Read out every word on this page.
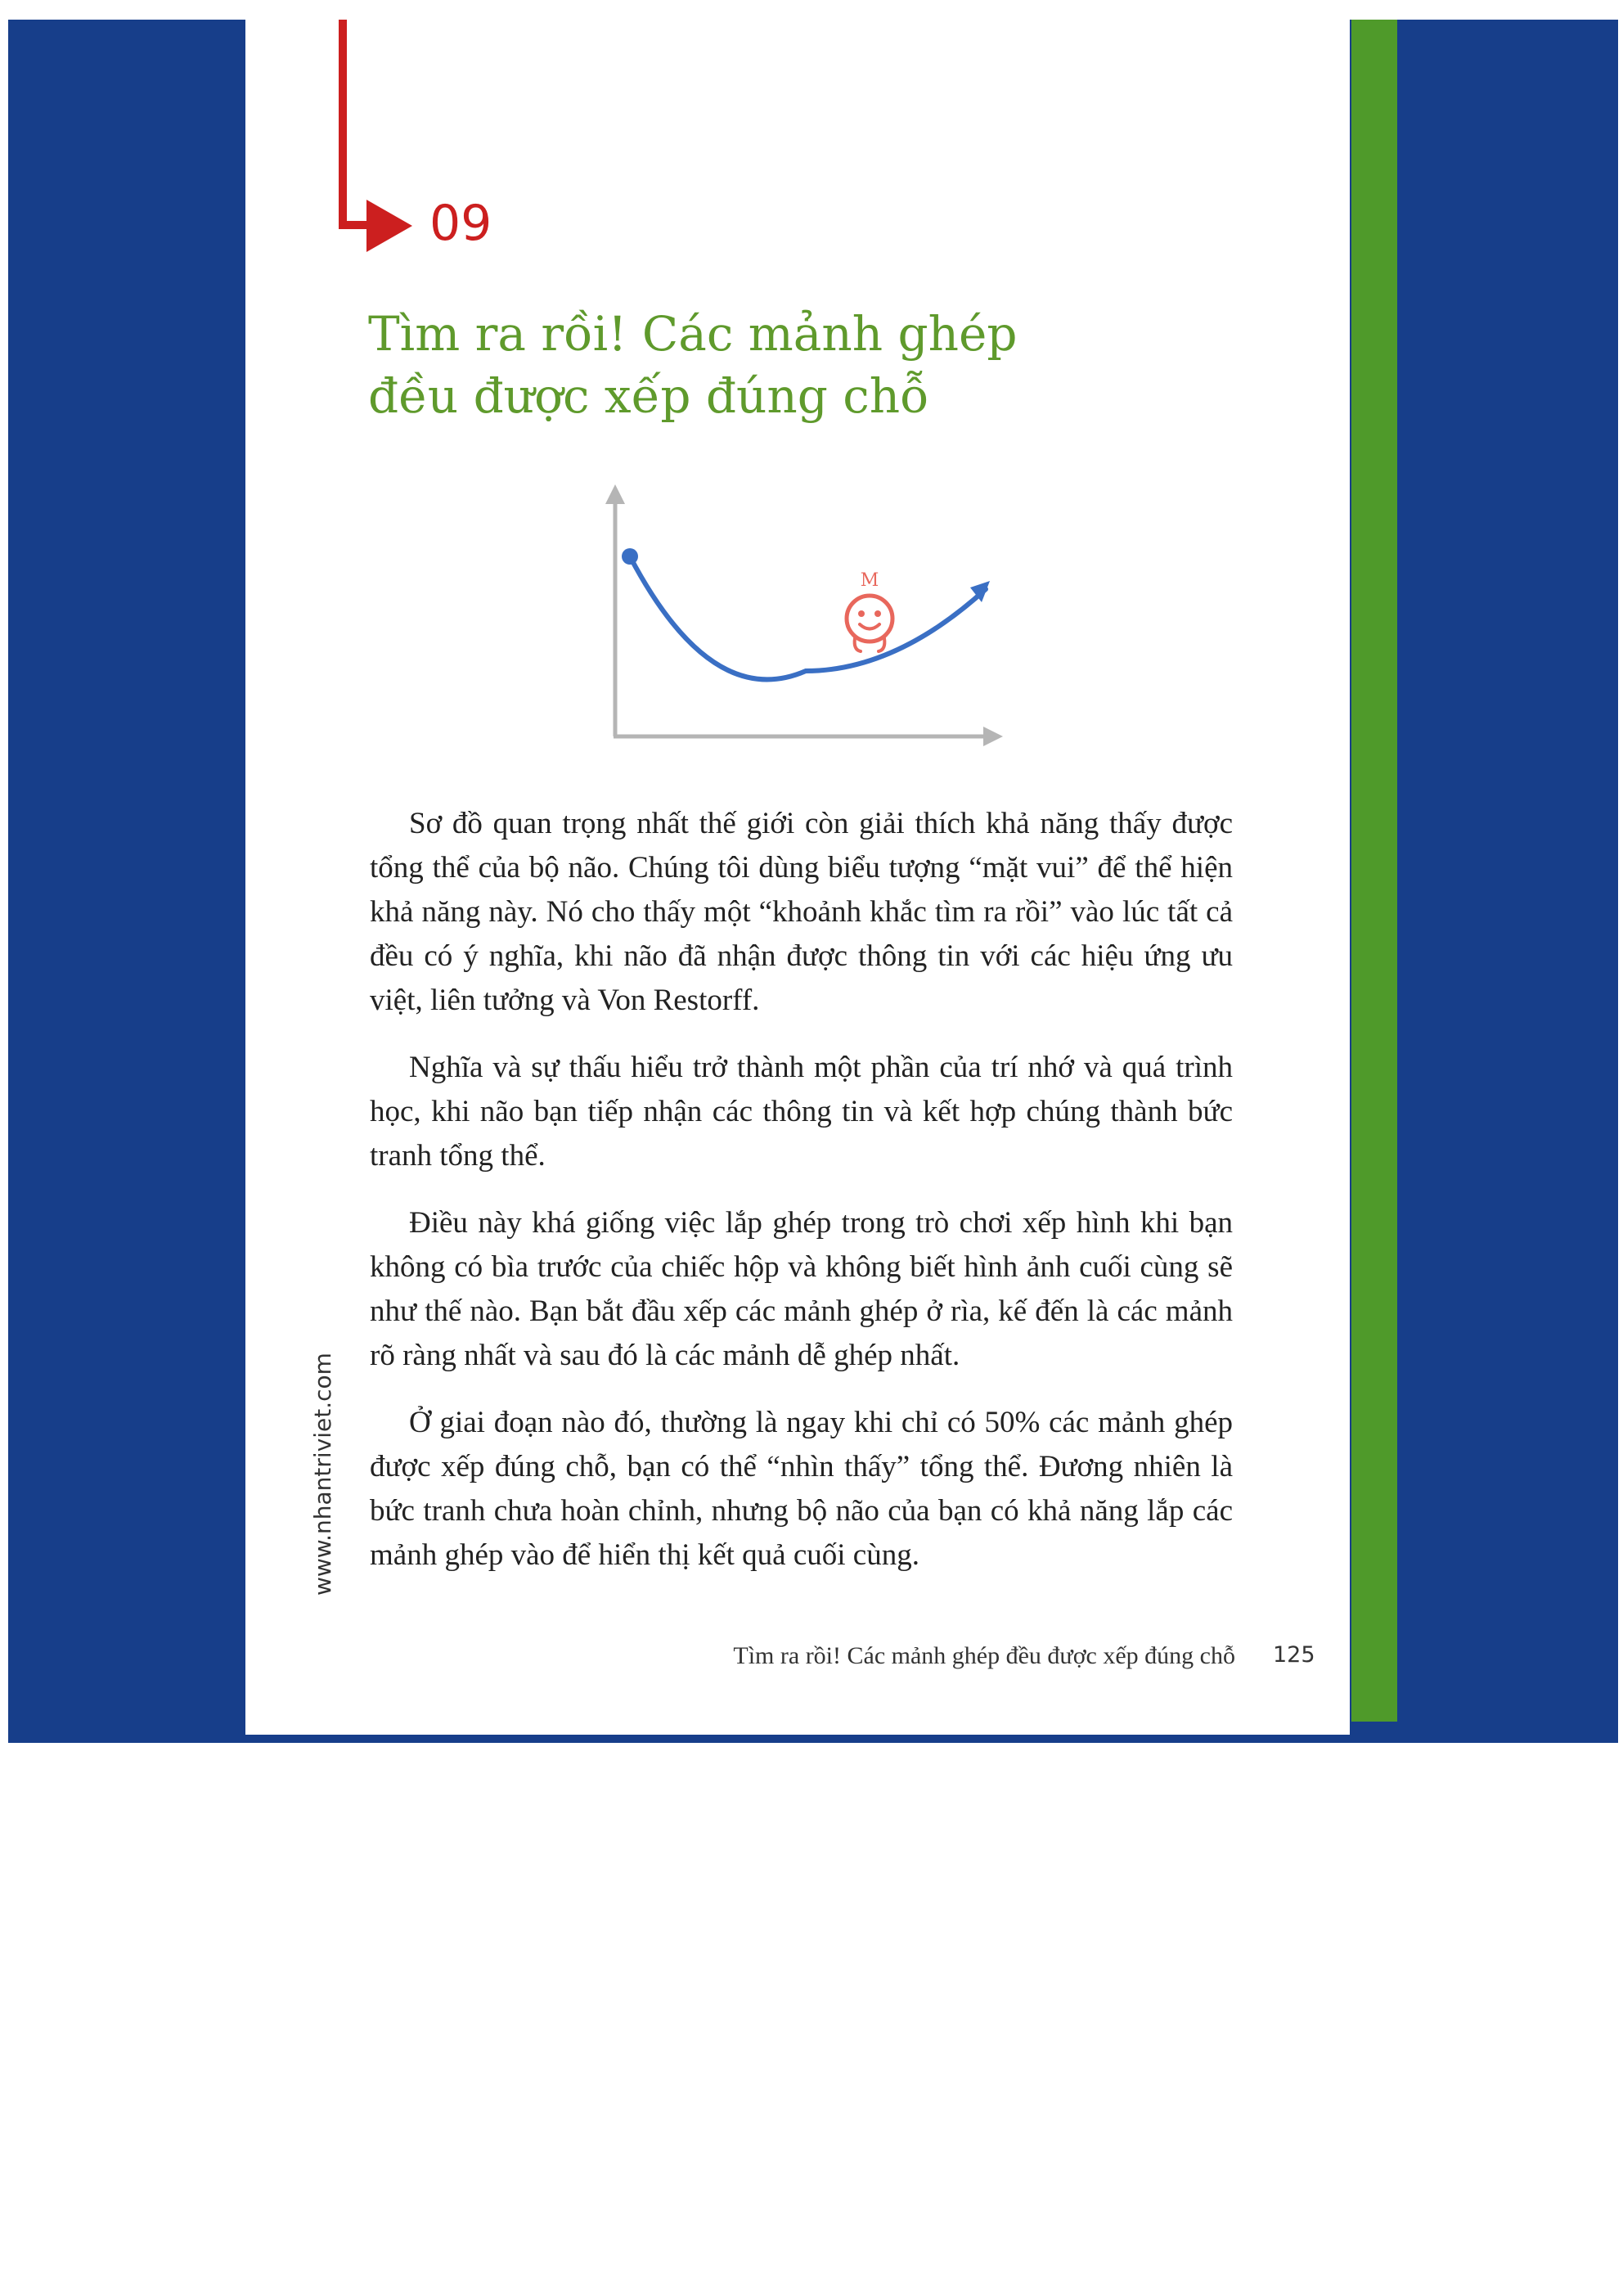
09
Tìm ra rồi! Các mảnh ghép
đều được xếp đúng chỗ
M

Sơ đồ quan trọng nhất thế giới còn giải thích khả năng thấy được tổng thể của bộ não. Chúng tôi dùng biểu tượng “mặt vui” để thể hiện khả năng này. Nó cho thấy một “khoảnh khắc tìm ra rồi” vào lúc tất cả đều có ý nghĩa, khi não đã nhận được thông tin với các hiệu ứng ưu việt, liên tưởng và Von Restorff.

Nghĩa và sự thấu hiểu trở thành một phần của trí nhớ và quá trình học, khi não bạn tiếp nhận các thông tin và kết hợp chúng thành bức tranh tổng thể.

Điều này khá giống việc lắp ghép trong trò chơi xếp hình khi bạn không có bìa trước của chiếc hộp và không biết hình ảnh cuối cùng sẽ như thế nào. Bạn bắt đầu xếp các mảnh ghép ở rìa, kế đến là các mảnh rõ ràng nhất và sau đó là các mảnh dễ ghép nhất.

Ở giai đoạn nào đó, thường là ngay khi chỉ có 50% các mảnh ghép được xếp đúng chỗ, bạn có thể “nhìn thấy” tổng thể. Đương nhiên là bức tranh chưa hoàn chỉnh, nhưng bộ não của bạn có khả năng lắp các mảnh ghép vào để hiển thị kết quả cuối cùng.

www.nhantriviet.com
Tìm ra rồi! Các mảnh ghép đều được xếp đúng chỗ 125
